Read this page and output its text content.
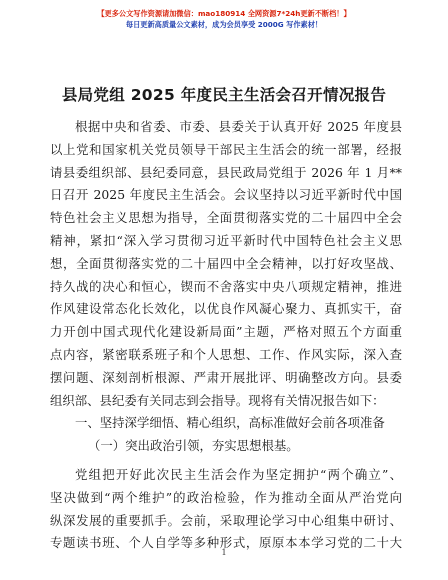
【更多公文写作资源请加微信：mao180914 全网资源7*24h更新不断档！】
每日更新高质量公文素材，成为会员享受 2000G 写作素材！
县局党组 2025 年度民主生活会召开情况报告
根据中央和省委、市委、县委关于认真开好 2025 年度县
以上党和国家机关党员领导干部民主生活会的统一部署，经报
请县委组织部、县纪委同意，县民政局党组于 2026 年 1 月**
日召开 2025 年度民主生活会。会议坚持以习近平新时代中国
特色社会主义思想为指导，全面贯彻落实党的二十届四中全会
精神，紧扣“深入学习贯彻习近平新时代中国特色社会主义思
想，全面贯彻落实党的二十届四中全会精神，以打好攻坚战、
持久战的决心和恒心，锲而不舍落实中央八项规定精神，推进
作风建设常态化长效化，以优良作风凝心聚力、真抓实干，奋
力开创中国式现代化建设新局面”主题，严格对照五个方面重
点内容，紧密联系班子和个人思想、工作、作风实际，深入查
摆问题、深刻剖析根源、严肃开展批评、明确整改方向。县委
组织部、县纪委有关同志到会指导。现将有关情况报告如下：
一、坚持深学细悟、精心组织，高标准做好会前各项准备
（一）突出政治引领，夯实思想根基。
党组把开好此次民主生活会作为坚定拥护“两个确立”、
坚决做到“两个维护”的政治检验，作为推动全面从严治党向
纵深发展的重要抓手。会前，采取理论学习中心组集中研讨、
专题读书班、个人自学等多种形式，原原本本学习党的二十大
1
